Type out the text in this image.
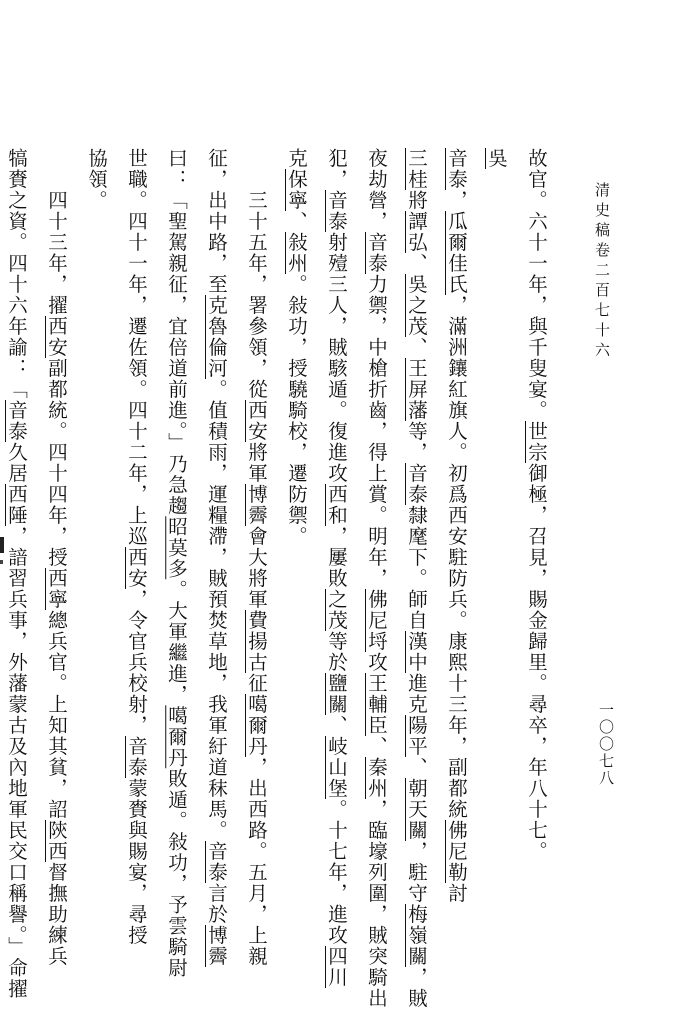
清史稿卷二百七十六
一〇〇七八
故官。六十一年，與千叟宴。世宗御極，召見，賜金歸里。尋卒，年八十七。
吳
音泰，瓜爾佳氏，滿洲鑲紅旗人。初爲西安駐防兵。康熙十三年，副都統佛尼勒討
三桂將譚弘、吳之茂、王屏藩等，音泰隸麾下。師自漢中進克陽平、朝天關，駐守梅嶺關，賊
夜劫營，音泰力禦，中槍折齒，得上賞。明年，佛尼埒攻王輔臣、秦州，臨壕列圍，賊突騎出
犯，音泰射殪三人，賊駭遁。復進攻西和，屢敗之茂等於鹽關、岐山堡。十七年，進攻四川
克保寧、敍州。敍功，授驍騎校，遷防禦。
三十五年，署參領，從西安將軍博霽會大將軍費揚古征噶爾丹，出西路。五月，上親
征，出中路，至克魯倫河。值積雨，運糧滯，賊預焚草地，我軍紆道秣馬。音泰言於博霽
曰：「聖駕親征，宜倍道前進。」乃急趨昭莫多。大軍繼進，噶爾丹敗遁。敍功，予雲騎尉
世職。四十一年，遷佐領。四十二年，上巡西安，令官兵校射，音泰蒙賚與賜宴，尋授
協領。
四十三年，擢西安副都統。四十四年，授西寧總兵官。上知其貧，詔陝西督撫助練兵
犒賚之資。四十六年諭：「音泰久居西陲，諳習兵事，外藩蒙古及內地軍民交口稱譽。」命擢
